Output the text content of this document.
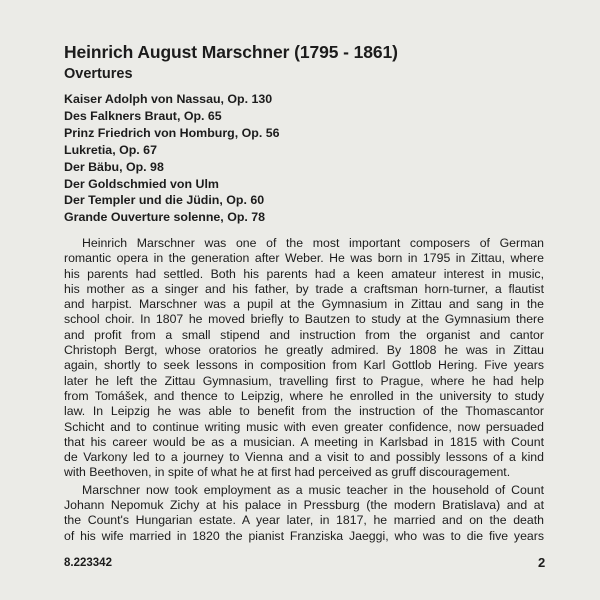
Heinrich August Marschner (1795 - 1861)
Overtures
Kaiser Adolph von Nassau, Op. 130
Des Falkners Braut, Op. 65
Prinz Friedrich von Homburg, Op. 56
Lukretia, Op. 67
Der Bäbu, Op. 98
Der Goldschmied von Ulm
Der Templer und die Jüdin, Op. 60
Grande Ouverture solenne, Op. 78

Heinrich Marschner was one of the most important composers of German
romantic opera in the generation after Weber. He was born in 1795 in Zittau, where
his parents had settled. Both his parents had a keen amateur interest in music,
his mother as a singer and his father, by trade a craftsman horn-turner, a flautist
and harpist. Marschner was a pupil at the Gymnasium in Zittau and sang in the
school choir. In 1807 he moved briefly to Bautzen to study at the Gymnasium there
and profit from a small stipend and instruction from the organist and cantor
Christoph Bergt, whose oratorios he greatly admired. By 1808 he was in Zittau
again, shortly to seek lessons in composition from Karl Gottlob Hering. Five years
later he left the Zittau Gymnasium, travelling first to Prague, where he had help
from Tomášek, and thence to Leipzig, where he enrolled in the university to study
law. In Leipzig he was able to benefit from the instruction of the Thomascantor
Schicht and to continue writing music with even greater confidence, now persuaded
that his career would be as a musician. A meeting in Karlsbad in 1815 with Count
de Varkony led to a journey to Vienna and a visit to and possibly lessons of a kind
with Beethoven, in spite of what he at first had perceived as gruff discouragement.

Marschner now took employment as a music teacher in the household of Count
Johann Nepomuk Zichy at his palace in Pressburg (the modern Bratislava) and at
the Count's Hungarian estate. A year later, in 1817, he married and on the death
of his wife married in 1820 the pianist Franziska Jaeggi, who was to die five years

8.223342	2
